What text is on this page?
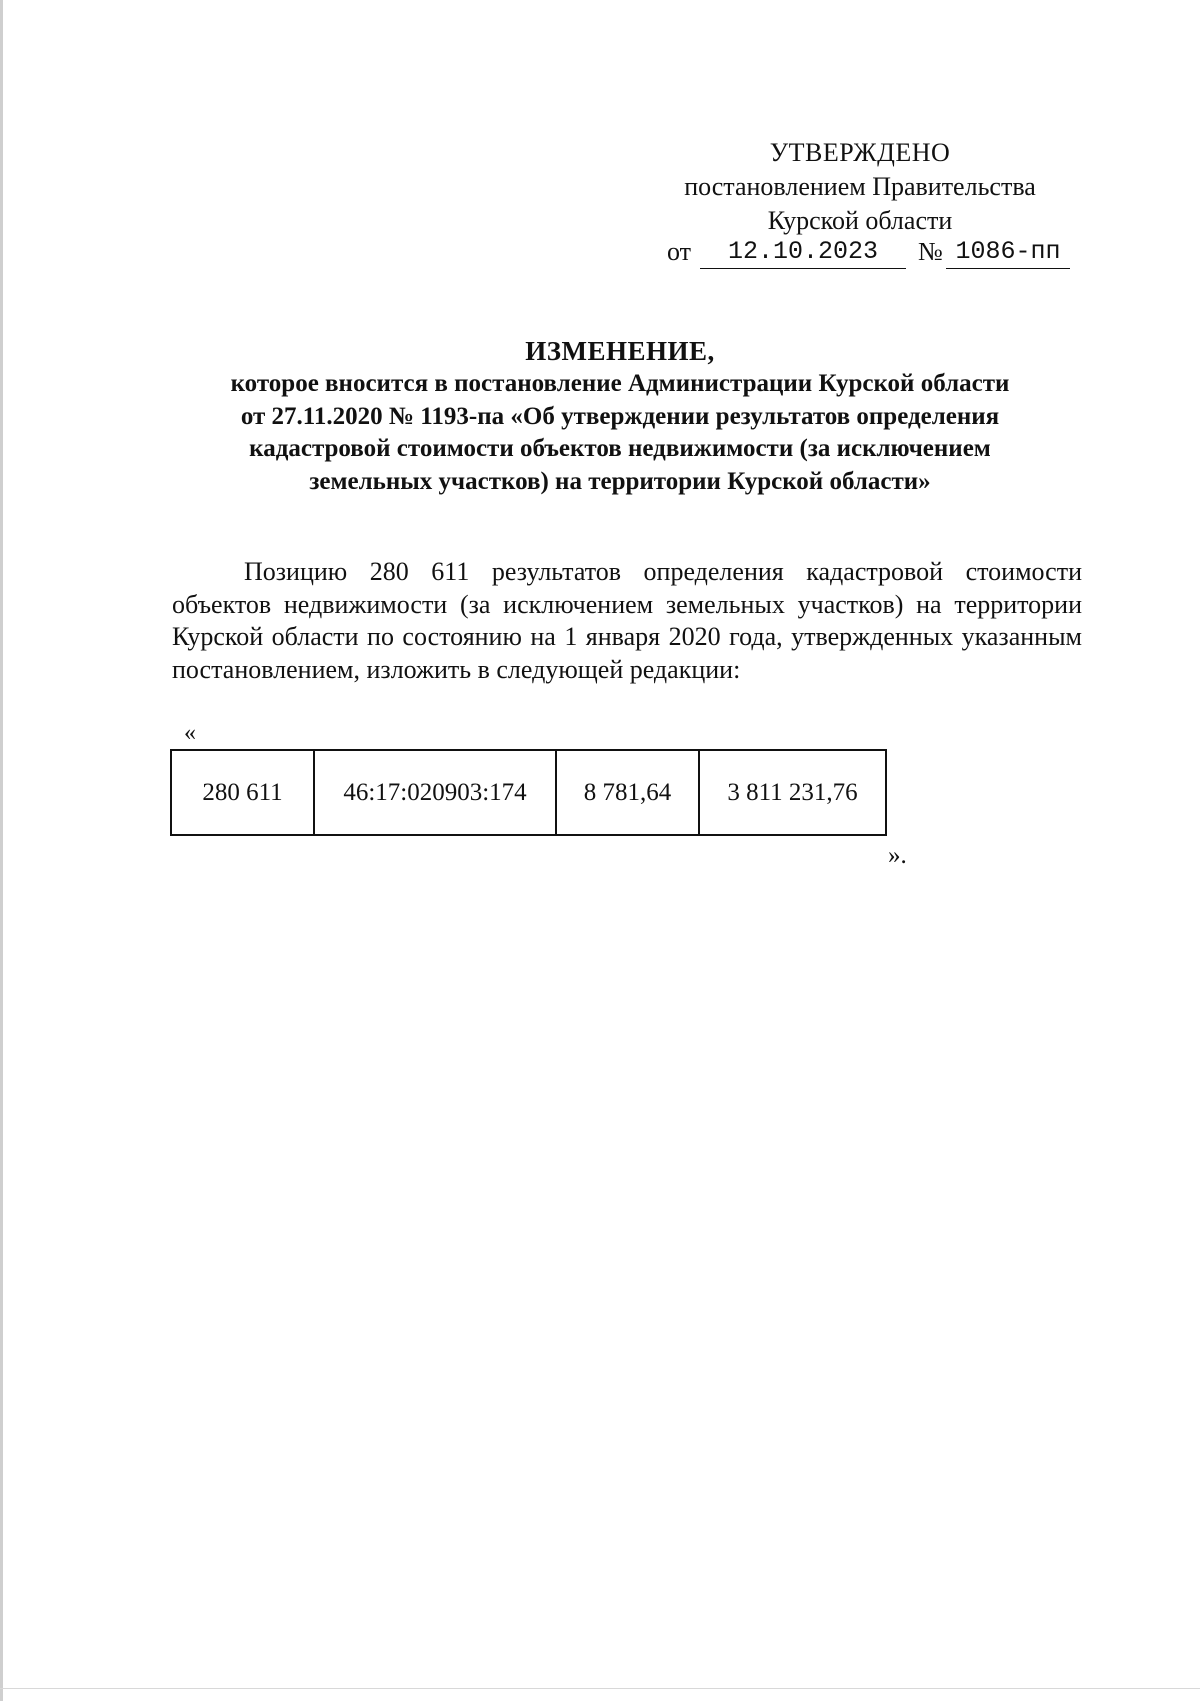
УТВЕРЖДЕНО
постановлением Правительства
Курской области
от	12.10.2023	№ 1086-пп
ИЗМЕНЕНИЕ,
которое вносится в постановление Администрации Курской области
от 27.11.2020 № 1193-па «Об утверждении результатов определения
кадастровой стоимости объектов недвижимости (за исключением
земельных участков) на территории Курской области»

Позицию 280 611 результатов определения кадастровой стоимости объектов недвижимости (за исключением земельных участков) на территории Курской области по состоянию на 1 января 2020 года, утвержденных указанным постановлением, изложить в следующей редакции:

«
280 611	46:17:020903:174	8 781,64	3 811 231,76
».
